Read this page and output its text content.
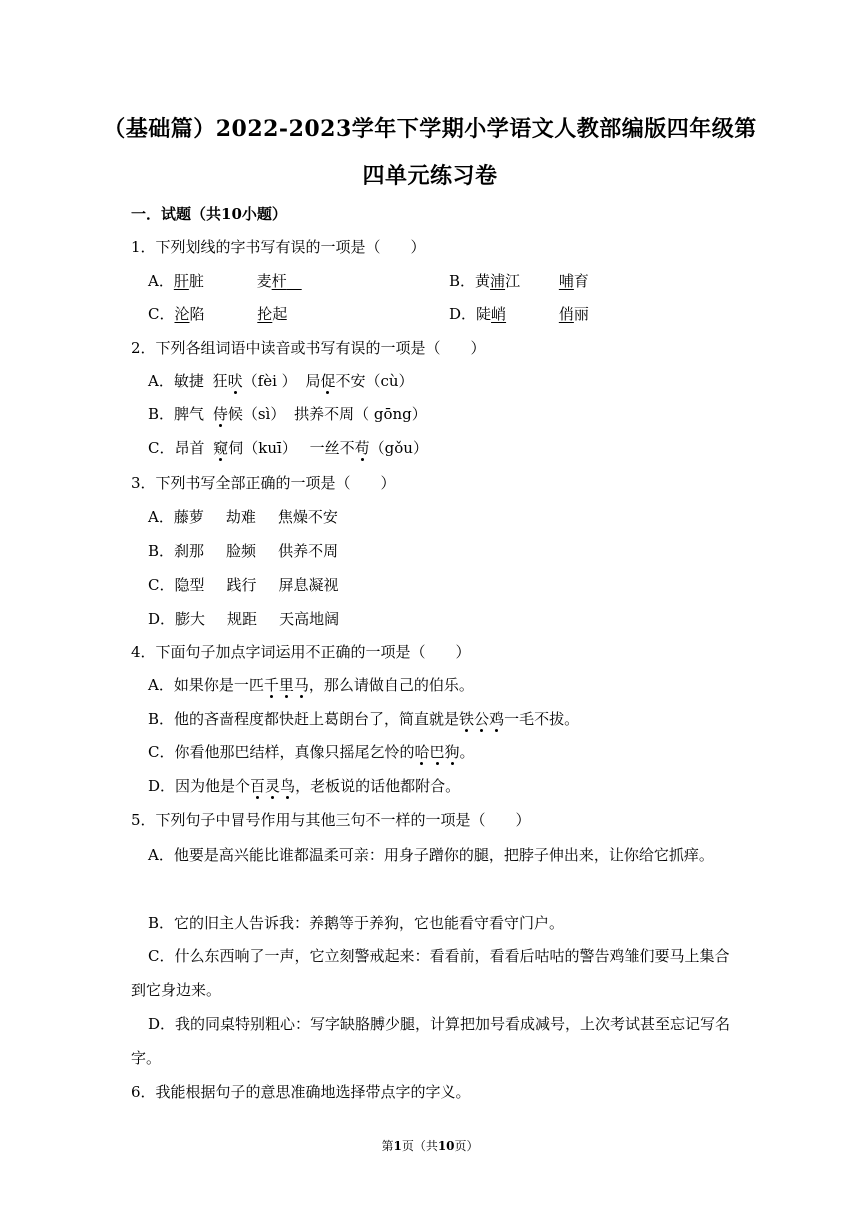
（基础篇）2022-2023学年下学期小学语文人教部编版四年级第
四单元练习卷
一．试题（共10小题）
1．下列划线的字书写有误的一项是（　　）
A．肝脏	麦杆　	B．黄浦江	哺育
C．沦陷	抡起	D．陡峭	俏丽
2．下列各组词语中读音或书写有误的一项是（　　）
A．敏捷 狂吠（fèi ） 局促不安（cù）
B．脾气 侍候（sì） 拱养不周（ gōng）
C．昂首 窥伺（kuī） 一丝不苟（gǒu）
3．下列书写全部正确的一项是（　　）
A．藤萝 劫难 焦燥不安
B．刹那 脸频 供养不周
C．隐型 践行 屏息凝视
D．膨大 规距 天高地阔
4．下面句子加点字词运用不正确的一项是（　　）
A．如果你是一匹千里马，那么请做自己的伯乐。
B．他的吝啬程度都快赶上葛朗台了，简直就是铁公鸡一毛不拔。
C．你看他那巴结样，真像只摇尾乞怜的哈巴狗。
D．因为他是个百灵鸟，老板说的话他都附合。
5．下列句子中冒号作用与其他三句不一样的一项是（　　）
A．他要是高兴能比谁都温柔可亲：用身子蹭你的腿，把脖子伸出来，让你给它抓痒。
B．它的旧主人告诉我：养鹅等于养狗，它也能看守看守门户。
C．什么东西响了一声，它立刻警戒起来：看看前，看看后咕咕的警告鸡雏们要马上集合
到它身边来。
D．我的同桌特别粗心：写字缺胳膊少腿，计算把加号看成减号，上次考试甚至忘记写名
字。
6．我能根据句子的意思准确地选择带点字的字义。
第1页（共10页）
